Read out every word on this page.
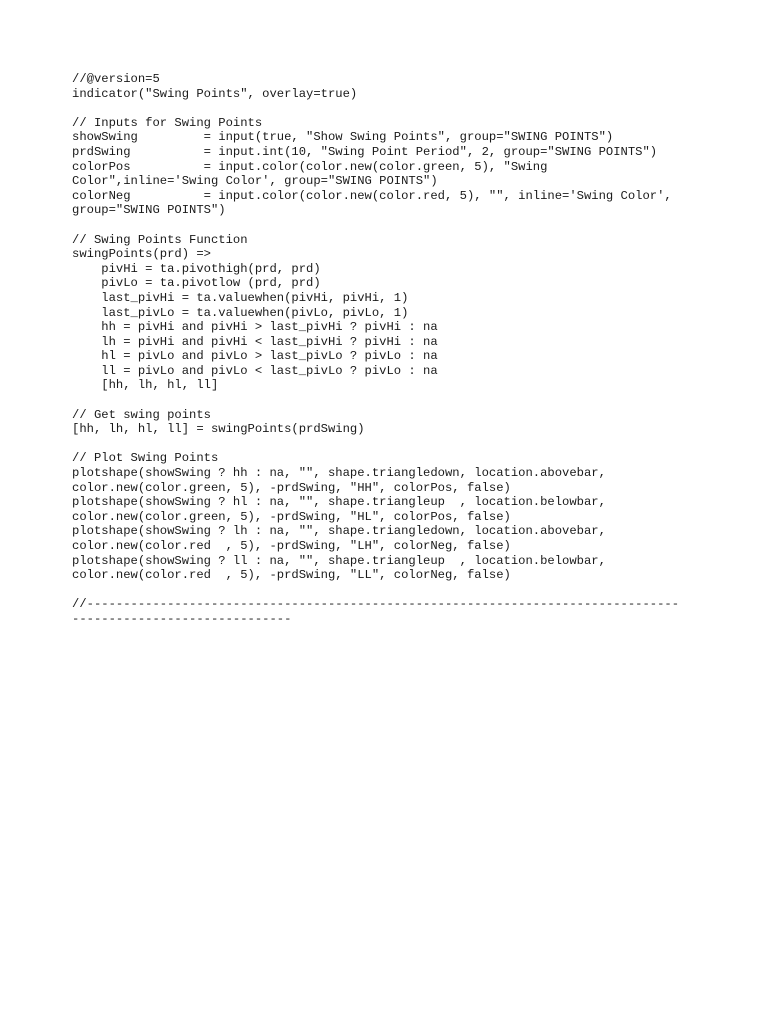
//@version=5
indicator("Swing Points", overlay=true)
// Inputs for Swing Points
showSwing         = input(true, "Show Swing Points", group="SWING POINTS")
prdSwing          = input.int(10, "Swing Point Period", 2, group="SWING POINTS")
colorPos          = input.color(color.new(color.green, 5), "Swing
Color",inline='Swing Color', group="SWING POINTS")
colorNeg          = input.color(color.new(color.red, 5), "", inline='Swing Color',
group="SWING POINTS")
// Swing Points Function
swingPoints(prd) =>
pivHi = ta.pivothigh(prd, prd)
pivLo = ta.pivotlow (prd, prd)
last_pivHi = ta.valuewhen(pivHi, pivHi, 1)
last_pivLo = ta.valuewhen(pivLo, pivLo, 1)
hh = pivHi and pivHi > last_pivHi ? pivHi : na
lh = pivHi and pivHi < last_pivHi ? pivHi : na
hl = pivLo and pivLo > last_pivLo ? pivLo : na
ll = pivLo and pivLo < last_pivLo ? pivLo : na
[hh, lh, hl, ll]
// Get swing points
[hh, lh, hl, ll] = swingPoints(prdSwing)
// Plot Swing Points
plotshape(showSwing ? hh : na, "", shape.triangledown, location.abovebar,
color.new(color.green, 5), -prdSwing, "HH", colorPos, false)
plotshape(showSwing ? hl : na, "", shape.triangleup  , location.belowbar,
color.new(color.green, 5), -prdSwing, "HL", colorPos, false)
plotshape(showSwing ? lh : na, "", shape.triangledown, location.abovebar,
color.new(color.red  , 5), -prdSwing, "LH", colorNeg, false)
plotshape(showSwing ? ll : na, "", shape.triangleup  , location.belowbar,
color.new(color.red  , 5), -prdSwing, "LL", colorNeg, false)
//---------------------------------------------------------------------------------
------------------------------
